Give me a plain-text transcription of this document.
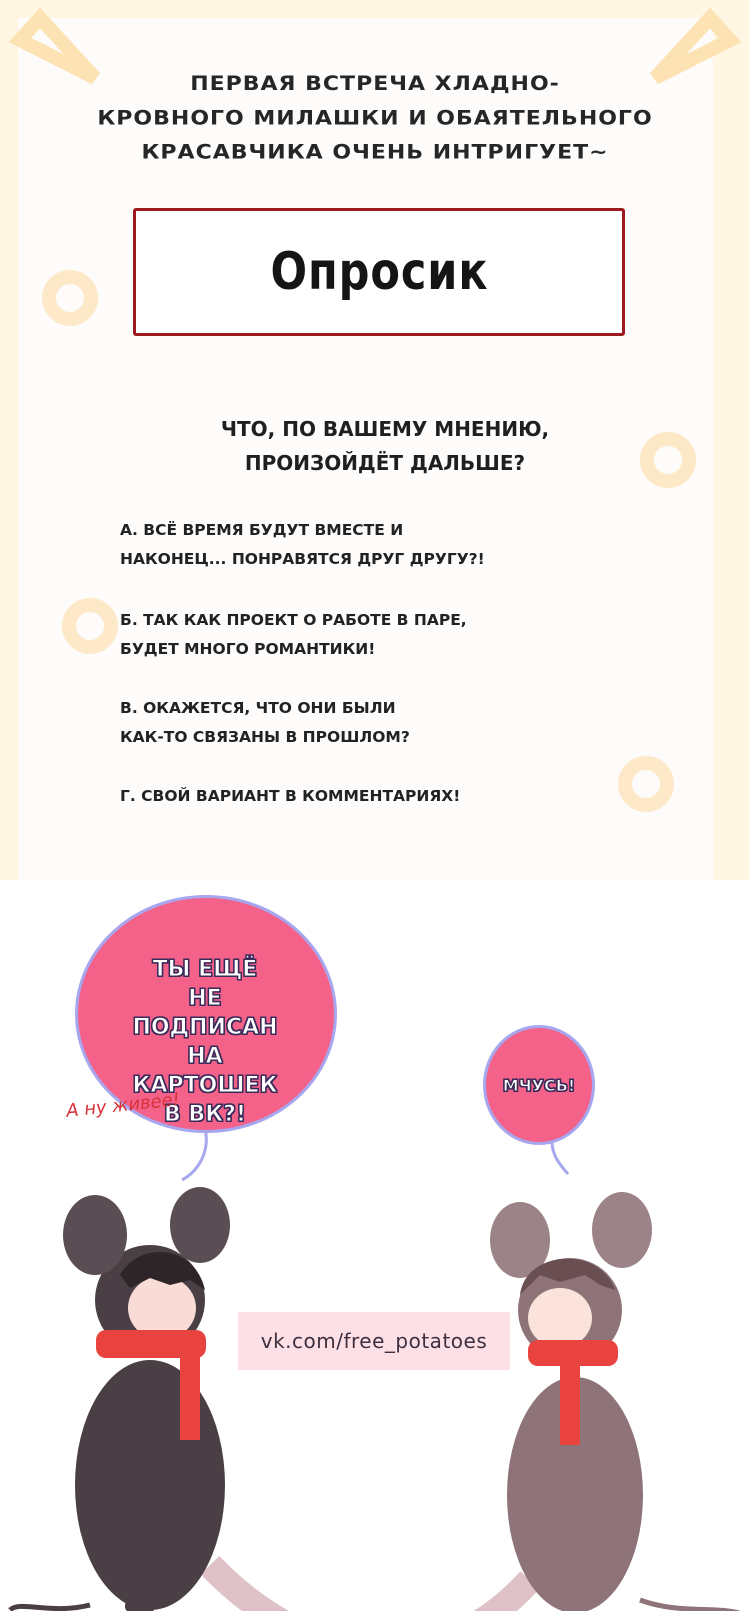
ПЕРВАЯ ВСТРЕЧА ХЛАДНО-
КРОВНОГО МИЛАШКИ И ОБАЯТЕЛЬНОГО
КРАСАВЧИКА ОЧЕНЬ ИНТРИГУЕТ~
Опросик
ЧТО, ПО ВАШЕМУ МНЕНИЮ,
ПРОИЗОЙДЁТ ДАЛЬШЕ?
А. ВСЁ ВРЕМЯ БУДУТ ВМЕСТЕ И
НАКОНЕЦ... ПОНРАВЯТСЯ ДРУГ ДРУГУ?!
Б. ТАК КАК ПРОЕКТ О РАБОТЕ В ПАРЕ,
БУДЕТ МНОГО РОМАНТИКИ!
В. ОКАЖЕТСЯ, ЧТО ОНИ БЫЛИ
КАК-ТО СВЯЗАНЫ В ПРОШЛОМ?
Г. СВОЙ ВАРИАНТ В КОММЕНТАРИЯХ!
ТЫ ЕЩЁ
НЕ ПОДПИСАН
НА КАРТОШЕК
В ВК?!
МЧУСЬ!
А ну живее!
vk.com/free_potatoes
